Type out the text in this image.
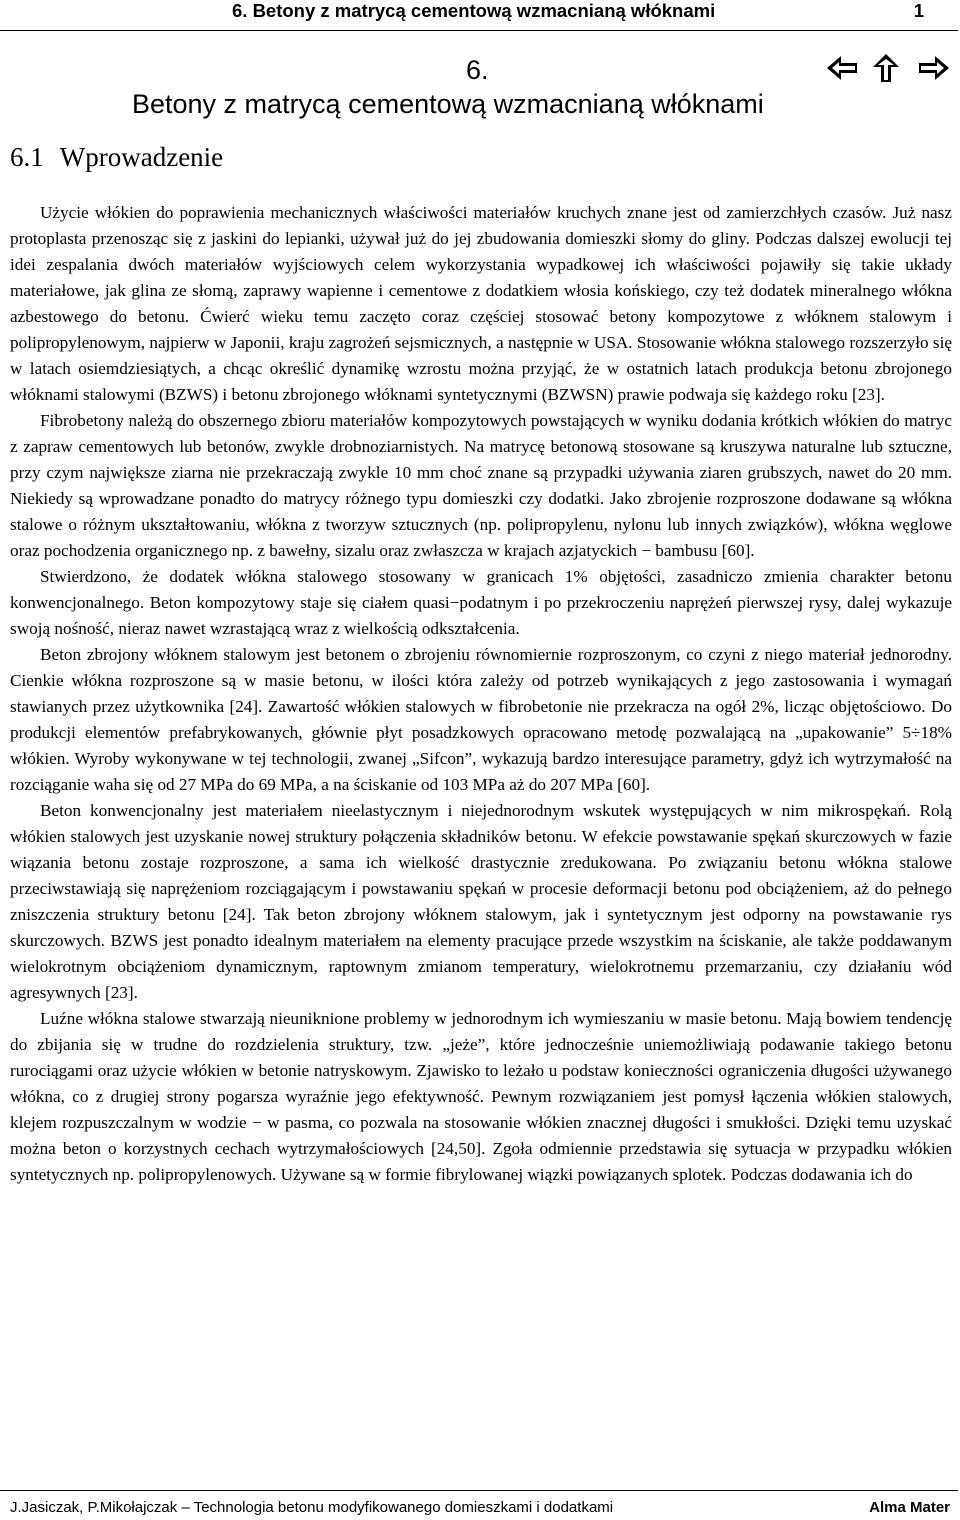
6. Betony z matrycą cementową wzmacnianą włóknami	1
6.
Betony z matrycą cementową wzmacnianą włóknami
6.1 Wprowadzenie

Użycie włókien do poprawienia mechanicznych właściwości materiałów kruchych znane jest od zamierzchłych czasów. Już nasz protoplasta przenosząc się z jaskini do lepianki, używał już do jej zbudowania domieszki słomy do gliny. Podczas dalszej ewolucji tej idei zespalania dwóch materiałów wyjściowych celem wykorzystania wypadkowej ich właściwości pojawiły się takie układy materiałowe, jak glina ze słomą, zaprawy wapienne i cementowe z dodatkiem włosia końskiego, czy też dodatek mineralnego włókna azbestowego do betonu. Ćwierć wieku temu zaczęto coraz częściej stosować betony kompozytowe z włóknem stalowym i polipropylenowym, najpierw w Japonii, kraju zagrożeń sejsmicznych, a następnie w USA. Stosowanie włókna stalowego rozszerzyło się w latach osiemdziesiątych, a chcąc określić dynamikę wzrostu można przyjąć, że w ostatnich latach produkcja betonu zbrojonego włóknami stalowymi (BZWS) i betonu zbrojonego włóknami syntetycznymi (BZWSN) prawie podwaja się każdego roku [23].

Fibrobetony należą do obszernego zbioru materiałów kompozytowych powstających w wyniku dodania krótkich włókien do matryc z zapraw cementowych lub betonów, zwykle drobnoziarnistych. Na matrycę betonową stosowane są kruszywa naturalne lub sztuczne, przy czym największe ziarna nie przekraczają zwykle 10 mm choć znane są przypadki używania ziaren grubszych, nawet do 20 mm. Niekiedy są wprowadzane ponadto do matrycy różnego typu domieszki czy dodatki. Jako zbrojenie rozproszone dodawane są włókna stalowe o różnym ukształtowaniu, włókna z tworzyw sztucznych (np. polipropylenu, nylonu lub innych związków), włókna węglowe oraz pochodzenia organicznego np. z bawełny, sizalu oraz zwłaszcza w krajach azjatyckich − bambusu [60].

Stwierdzono, że dodatek włókna stalowego stosowany w granicach 1% objętości, zasadniczo zmienia charakter betonu konwencjonalnego. Beton kompozytowy staje się ciałem quasi−podatnym i po przekroczeniu naprężeń pierwszej rysy, dalej wykazuje swoją nośność, nieraz nawet wzrastającą wraz z wielkością odkształcenia.

Beton zbrojony włóknem stalowym jest betonem o zbrojeniu równomiernie rozproszonym, co czyni z niego materiał jednorodny. Cienkie włókna rozproszone są w masie betonu, w ilości która zależy od potrzeb wynikających z jego zastosowania i wymagań stawianych przez użytkownika [24]. Zawartość włókien stalowych w fibrobetonie nie przekracza na ogół 2%, licząc objętościowo. Do produkcji elementów prefabrykowanych, głównie płyt posadzkowych opracowano metodę pozwalającą na „upakowanie” 5÷18% włókien. Wyroby wykonywane w tej technologii, zwanej „Sifcon”, wykazują bardzo interesujące parametry, gdyż ich wytrzymałość na rozciąganie waha się od 27 MPa do 69 MPa, a na ściskanie od 103 MPa aż do 207 MPa [60].

Beton konwencjonalny jest materiałem nieelastycznym i niejednorodnym wskutek występujących w nim mikrospękań. Rolą włókien stalowych jest uzyskanie nowej struktury połączenia składników betonu. W efekcie powstawanie spękań skurczowych w fazie wiązania betonu zostaje rozproszone, a sama ich wielkość drastycznie zredukowana. Po związaniu betonu włókna stalowe przeciwstawiają się naprężeniom rozciągającym i powstawaniu spękań w procesie deformacji betonu pod obciążeniem, aż do pełnego zniszczenia struktury betonu [24]. Tak beton zbrojony włóknem stalowym, jak i syntetycznym jest odporny na powstawanie rys skurczowych. BZWS jest ponadto idealnym materiałem na elementy pracujące przede wszystkim na ściskanie, ale także poddawanym wielokrotnym obciążeniom dynamicznym, raptownym zmianom temperatury, wielokrotnemu przemarzaniu, czy działaniu wód agresywnych [23].

Luźne włókna stalowe stwarzają nieuniknione problemy w jednorodnym ich wymieszaniu w masie betonu. Mają bowiem tendencję do zbijania się w trudne do rozdzielenia struktury, tzw. „jeże”, które jednocześnie uniemożliwiają podawanie takiego betonu rurociągami oraz użycie włókien w betonie natryskowym. Zjawisko to leżało u podstaw konieczności ograniczenia długości używanego włókna, co z drugiej strony pogarsza wyraźnie jego efektywność. Pewnym rozwiązaniem jest pomysł łączenia włókien stalowych, klejem rozpuszczalnym w wodzie − w pasma, co pozwala na stosowanie włókien znacznej długości i smukłości. Dzięki temu uzyskać można beton o korzystnych cechach wytrzymałościowych [24,50]. Zgoła odmiennie przedstawia się sytuacja w przypadku włókien syntetycznych np. polipropylenowych. Używane są w formie fibrylowanej wiązki powiązanych splotek. Podczas dodawania ich do

J.Jasiczak, P.Mikołajczak – Technologia betonu modyfikowanego domieszkami i dodatkami	Alma Mater
